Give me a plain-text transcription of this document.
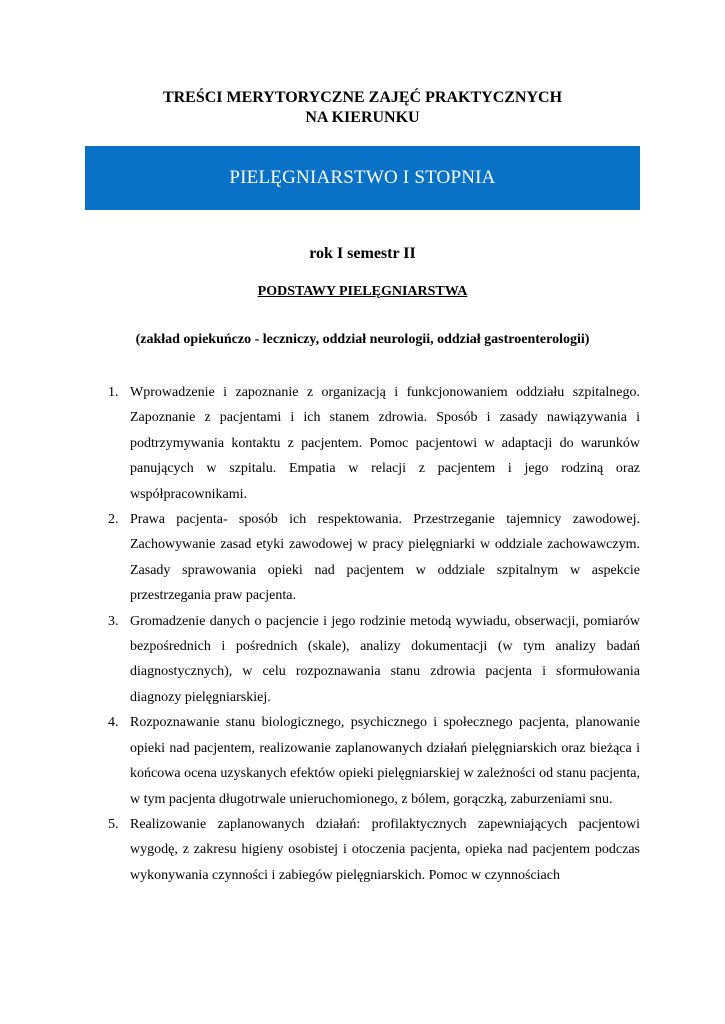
TREŚCI MERYTORYCZNE ZAJĘĆ PRAKTYCZNYCH
NA KIERUNKU
PIELĘGNIARSTWO I STOPNIA
rok I semestr II
PODSTAWY PIELĘGNIARSTWA
(zakład opiekuńczo - leczniczy, oddział neurologii, oddział gastroenterologii)
1. Wprowadzenie i zapoznanie z organizacją i funkcjonowaniem oddziału szpitalnego. Zapoznanie z pacjentami i ich stanem zdrowia. Sposób i zasady nawiązywania i podtrzymywania kontaktu z pacjentem. Pomoc pacjentowi w adaptacji do warunków panujących w szpitalu. Empatia w relacji z pacjentem i jego rodziną oraz współpracownikami.
2. Prawa pacjenta- sposób ich respektowania. Przestrzeganie tajemnicy zawodowej. Zachowywanie zasad etyki zawodowej w pracy pielęgniarki w oddziale zachowawczym. Zasady sprawowania opieki nad pacjentem w oddziale szpitalnym w aspekcie przestrzegania praw pacjenta.
3. Gromadzenie danych o pacjencie i jego rodzinie metodą wywiadu, obserwacji, pomiarów bezpośrednich i pośrednich (skale), analizy dokumentacji (w tym analizy badań diagnostycznych), w celu rozpoznawania stanu zdrowia pacjenta i sformułowania diagnozy pielęgniarskiej.
4. Rozpoznawanie stanu biologicznego, psychicznego i społecznego pacjenta, planowanie opieki nad pacjentem, realizowanie zaplanowanych działań pielęgniarskich oraz bieżąca i końcowa ocena uzyskanych efektów opieki pielęgniarskiej w zależności od stanu pacjenta, w tym pacjenta długotrwale unieruchomionego, z bólem, gorączką, zaburzeniami snu.
5. Realizowanie zaplanowanych działań: profilaktycznych zapewniających pacjentowi wygodę, z zakresu higieny osobistej i otoczenia pacjenta, opieka nad pacjentem podczas wykonywania czynności i zabiegów pielęgniarskich. Pomoc w czynnościach
